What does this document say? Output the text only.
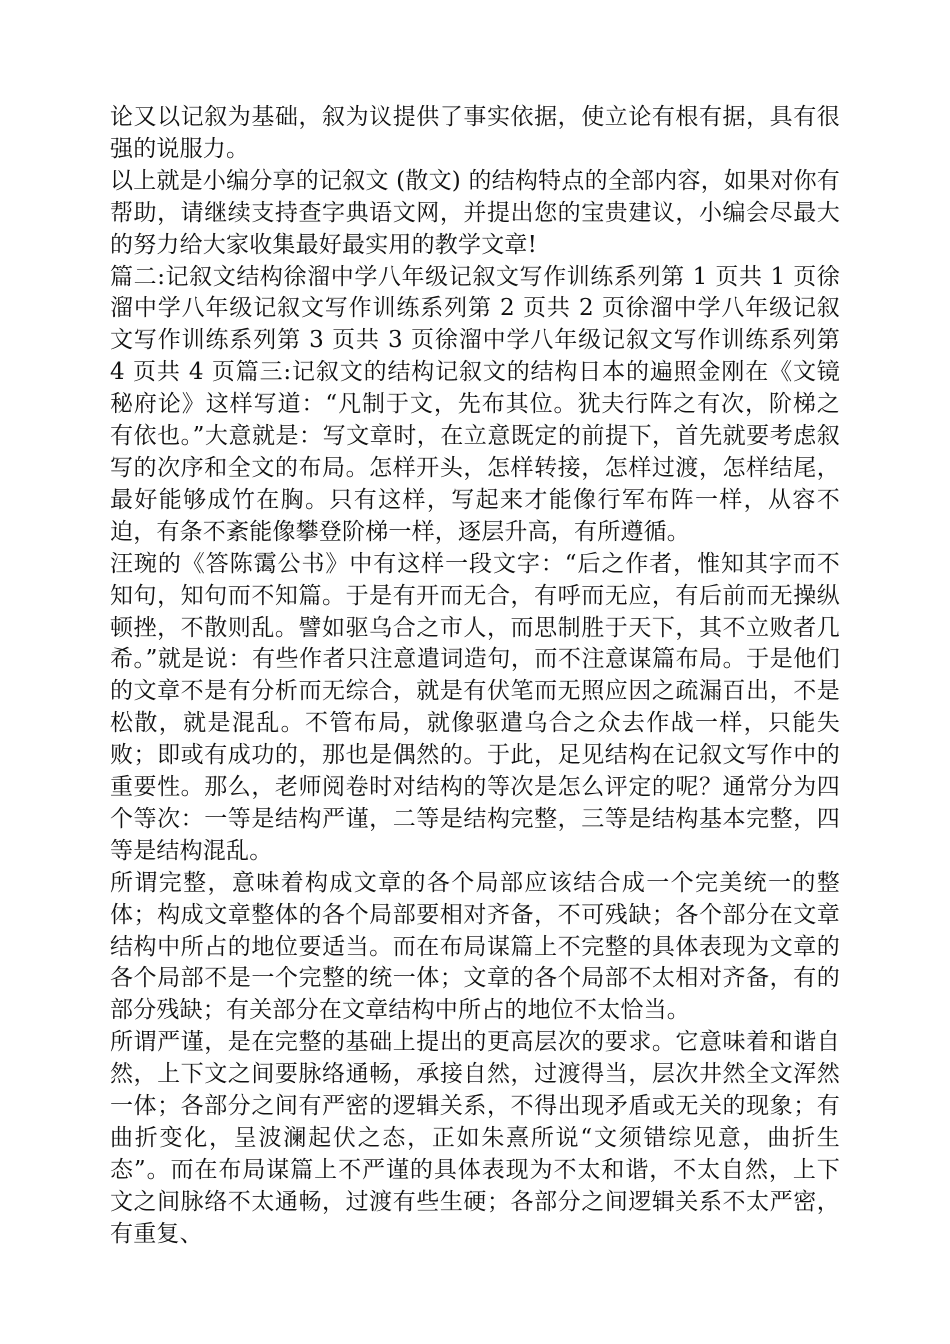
论又以记叙为基础，叙为议提供了事实依据，使立论有根有据，具有很强的说服力。

以上就是小编分享的记叙文 (散文) 的结构特点的全部内容，如果对你有帮助，请继续支持查字典语文网，并提出您的宝贵建议，小编会尽最大的努力给大家收集最好最实用的教学文章!

篇二:记叙文结构徐溜中学八年级记叙文写作训练系列第 1 页共 1 页徐溜中学八年级记叙文写作训练系列第 2 页共 2 页徐溜中学八年级记叙文写作训练系列第 3 页共 3 页徐溜中学八年级记叙文写作训练系列第 4 页共 4 页篇三:记叙文的结构记叙文的结构日本的遍照金刚在《文镜秘府论》这样写道：“凡制于文，先布其位。犹夫行阵之有次，阶梯之有依也。”大意就是：写文章时，在立意既定的前提下，首先就要考虑叙写的次序和全文的布局。怎样开头，怎样转接，怎样过渡，怎样结尾，最好能够成竹在胸。只有这样，写起来才能像行军布阵一样，从容不迫，有条不紊能像攀登阶梯一样，逐层升高，有所遵循。

汪琬的《答陈霭公书》中有这样一段文字：“后之作者，惟知其字而不知句，知句而不知篇。于是有开而无合，有呼而无应，有后前而无操纵顿挫，不散则乱。譬如驱乌合之市人，而思制胜于天下，其不立败者几希。”就是说：有些作者只注意遣词造句，而不注意谋篇布局。于是他们的文章不是有分析而无综合，就是有伏笔而无照应因之疏漏百出，不是松散，就是混乱。不管布局，就像驱遣乌合之众去作战一样，只能失败；即或有成功的，那也是偶然的。于此，足见结构在记叙文写作中的重要性。那么，老师阅卷时对结构的等次是怎么评定的呢？通常分为四个等次：一等是结构严谨，二等是结构完整，三等是结构基本完整，四等是结构混乱。

所谓完整，意味着构成文章的各个局部应该结合成一个完美统一的整体；构成文章整体的各个局部要相对齐备，不可残缺；各个部分在文章结构中所占的地位要适当。而在布局谋篇上不完整的具体表现为文章的各个局部不是一个完整的统一体；文章的各个局部不太相对齐备，有的部分残缺；有关部分在文章结构中所占的地位不太恰当。

所谓严谨，是在完整的基础上提出的更高层次的要求。它意味着和谐自然，上下文之间要脉络通畅，承接自然，过渡得当，层次井然全文浑然一体；各部分之间有严密的逻辑关系，不得出现矛盾或无关的现象；有曲折变化，呈波澜起伏之态，正如朱熹所说“文须错综见意，曲折生态”。而在布局谋篇上不严谨的具体表现为不太和谐，不太自然，上下文之间脉络不太通畅，过渡有些生硬；各部分之间逻辑关系不太严密，有重复、
